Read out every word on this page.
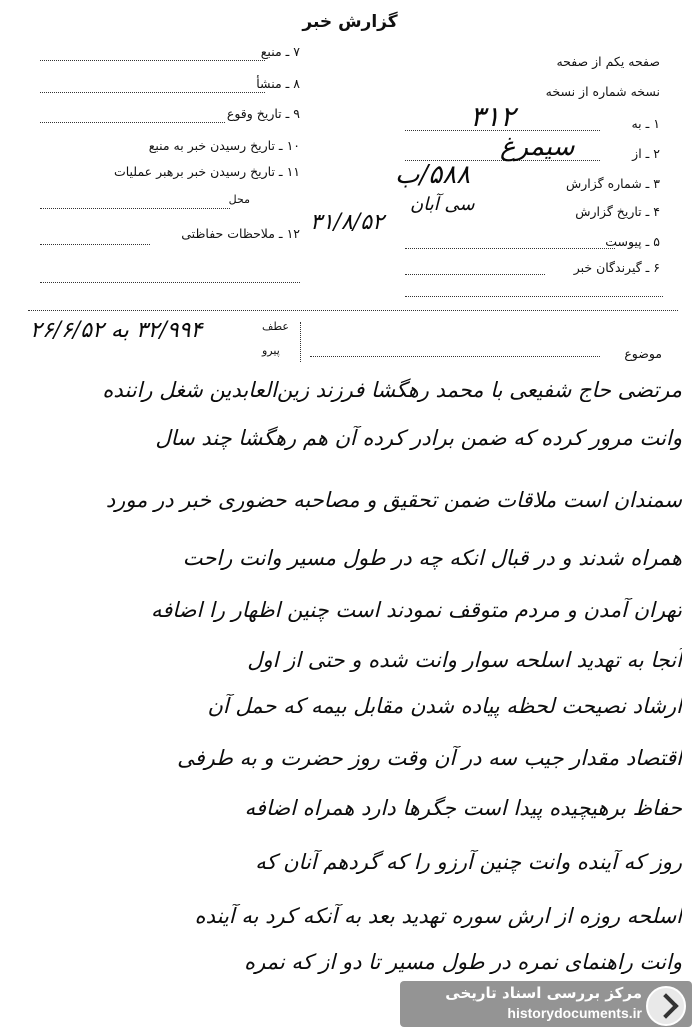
گزارش خبر
۷ ـ منبع
۸ ـ منشأ
۹ ـ تاریخ وقوع
۱۰ ـ تاریخ رسیدن خبر به منبع
۱۱ ـ تاریخ رسیدن خبر برهبر عملیات
محل
۱۲ ـ ملاحظات حفاظتی ۳۱/۸/۵۲
صفحه یکم از صفحه
نسخه شماره از نسخه
۱ ـ به
۲ ـ از
۳ ـ شماره گزارش
۴ ـ تاریخ گزارش
۵ ـ پیوست
۶ ـ گیرندگان خبر
۳۱۲
سیمرغ
۵۸۸/ب
سی آبان
موضوع
عطف
پیرو
۳۲/۹۹۴ به ۲۶/۶/۵۲
مرتضی حاج شفیعی با محمد رهگشا فرزند زین‌العابدین شغل راننده
وانت مرور کرده که ضمن برادر کرده آن هم رهگشا چند سال
سمندان است ملاقات ضمن تحقیق و مصاحبه حضوری خبر در مورد
همراه شدند و در قبال انکه چه در طول مسیر وانت راحت
تهران آمدن و مردم متوقف نمودند است چنین اظهار را اضافه
آنجا به تهدید اسلحه سوار وانت شده و حتی از اول
ارشاد نصیحت لحظه پیاده شدن مقابل بیمه که حمل آن
اقتصاد مقدار جیب سه در آن وقت روز حضرت و به طرفی
حفاظ برهیچیده پیدا است جگرها دارد همراه اضافه
روز که آینده وانت چنین آرزو را که گردهم آنان که
اسلحه روزه از ارش سوره تهدید بعد به آنکه کرد به آینده
وانت راهنمای نمره در طول مسیر تا دو از که نمره
مرکز بررسی اسناد تاریخی
historydocuments.ir
